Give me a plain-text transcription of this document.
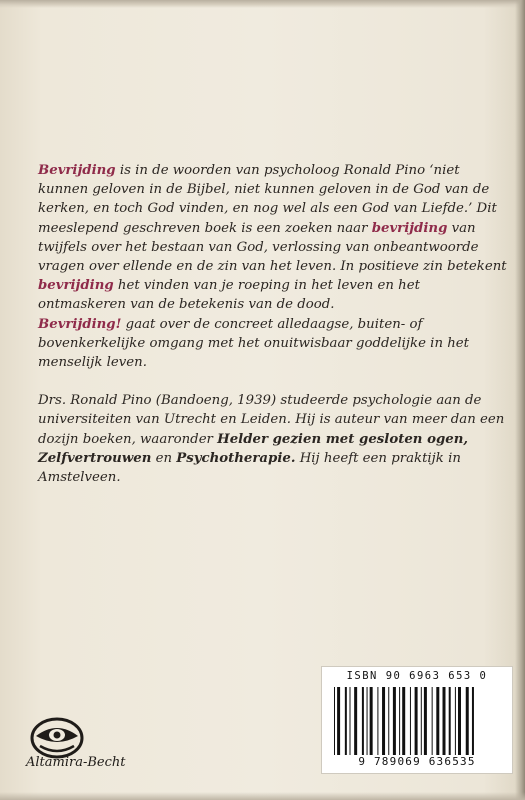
Bevrijding is in de woorden van psycholoog Ronald Pino ‘niet kunnen geloven in de Bijbel, niet kunnen geloven in de God van de kerken, en toch God vinden, en nog wel als een God van Liefde.’ Dit meeslepend geschreven boek is een zoeken naar bevrijding van twijfels over het bestaan van God, verlossing van onbeantwoorde vragen over ellende en de zin van het leven. In positieve zin betekent bevrijding het vinden van je roeping in het leven en het ontmaskeren van de betekenis van de dood.
Bevrijding! gaat over de concreet alledaagse, buiten- of bovenkerkelijke omgang met het onuitwisbaar goddelijke in het menselijk leven.

Drs. Ronald Pino (Bandoeng, 1939) studeerde psychologie aan de universiteiten van Utrecht en Leiden. Hij is auteur van meer dan een dozijn boeken, waaronder Helder gezien met gesloten ogen, Zelfvertrouwen en Psychotherapie. Hij heeft een praktijk in Amstelveen.

ISBN 90 6963 653 0
9 789069 636535
Altamira-Becht
